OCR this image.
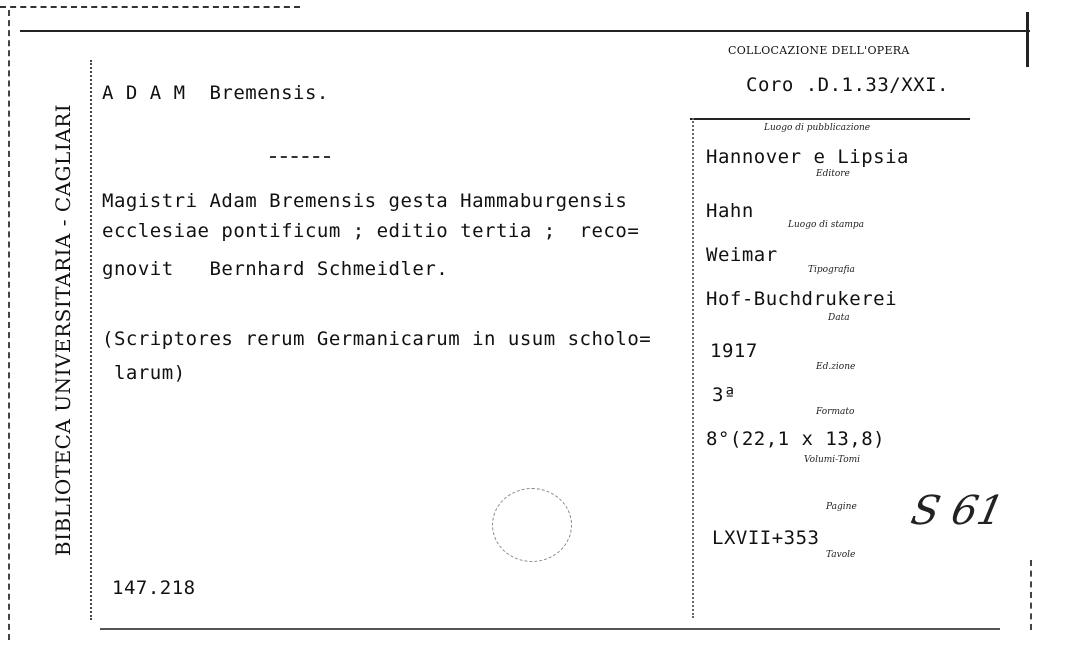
BIBLIOTECA UNIVERSITARIA - CAGLIARI
COLLOCAZIONE DELL'OPERA
Coro .D.1.33/XXI.
A D A M  Bremensis.
Magistri Adam Bremensis gesta Hammaburgensis
ecclesiae pontificum ; editio tertia ;  reco=
gnovit   Bernhard Schmeidler.
(Scriptores rerum Germanicarum in usum scholo=
larum)
147.218
Luogo di pubblicazione
Hannover e Lipsia
Editore
Hahn
Luogo di stampa
Weimar
Tipografia
Hof-Buchdrukerei
Data
1917
Ed.zione
3ª
Formato
8°(22,1 x 13,8)
Volumi-Tomi
Pagine
LXVII+353
Tavole
S 61
